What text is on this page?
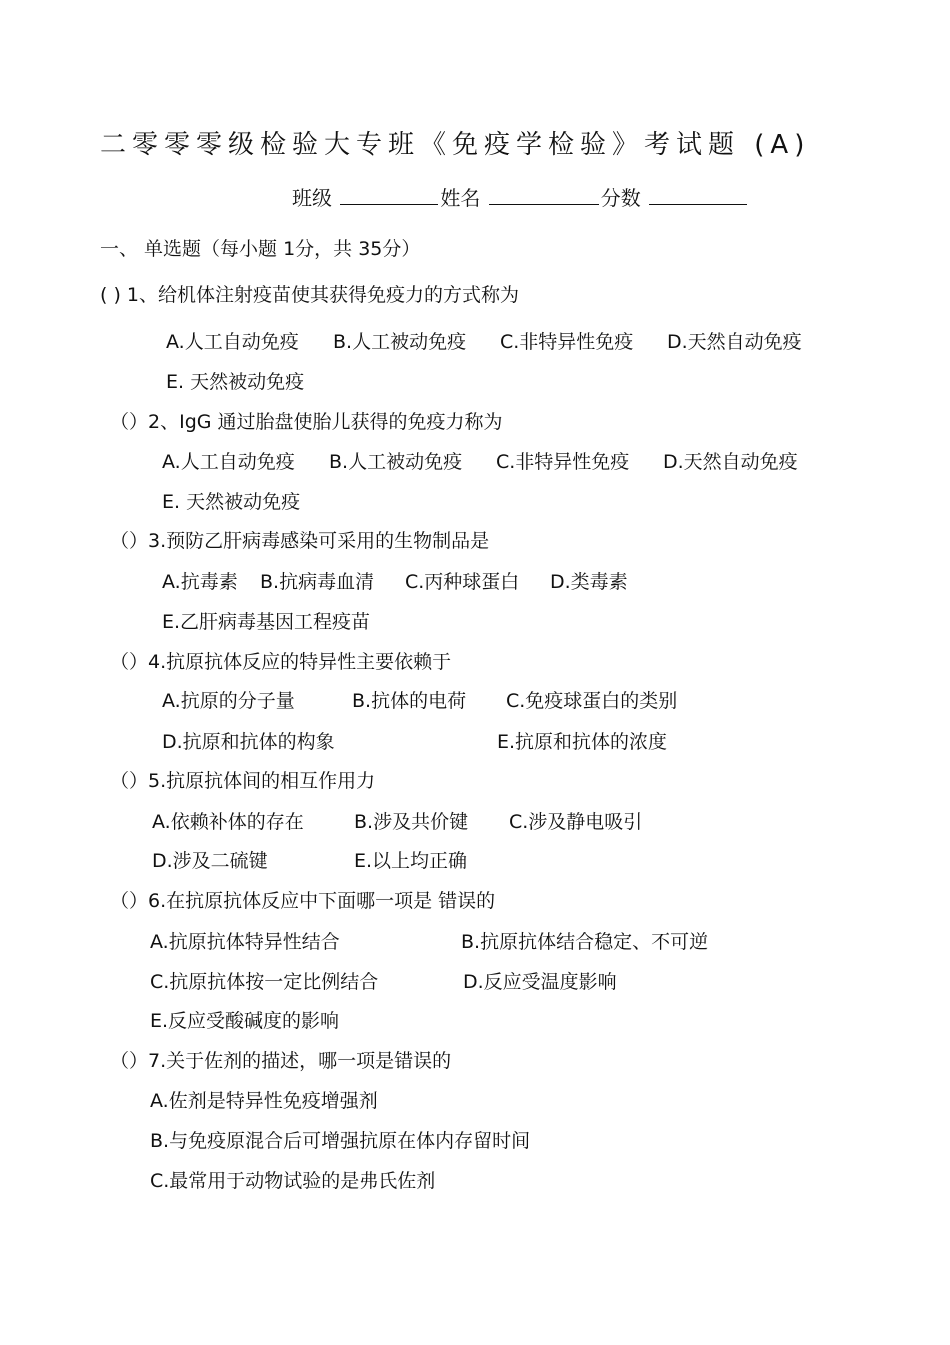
二零零零级检验大专班《免疫学检验》考试题 (A)
班级	姓名	分数
一、 单选题（每小题 1分，共 35分）
( ) 1、给机体注射疫苗使其获得免疫力的方式称为
A.人工自动免疫 B.人工被动免疫 C.非特异性免疫 D.天然自动免疫
E. 天然被动免疫
（）2、IgG 通过胎盘使胎儿获得的免疫力称为
A.人工自动免疫 B.人工被动免疫 C.非特异性免疫 D.天然自动免疫
E. 天然被动免疫
（）3.预防乙肝病毒感染可采用的生物制品是
A.抗毒素 B.抗病毒血清 C.丙种球蛋白 D.类毒素
E.乙肝病毒基因工程疫苗
（）4.抗原抗体反应的特异性主要依赖于
A.抗原的分子量	B.抗体的电荷 C.免疫球蛋白的类别
D.抗原和抗体的构象	E.抗原和抗体的浓度
（）5.抗原抗体间的相互作用力
A.依赖补体的存在	B.涉及共价键 C.涉及静电吸引
D.涉及二硫键	E.以上均正确
（）6.在抗原抗体反应中下面哪一项是 错误的
A.抗原抗体特异性结合	B.抗原抗体结合稳定、不可逆
C.抗原抗体按一定比例结合	D.反应受温度影响
E.反应受酸碱度的影响
（）7.关于佐剂的描述，哪一项是错误的
A.佐剂是特异性免疫增强剂
B.与免疫原混合后可增强抗原在体内存留时间
C.最常用于动物试验的是弗氏佐剂
